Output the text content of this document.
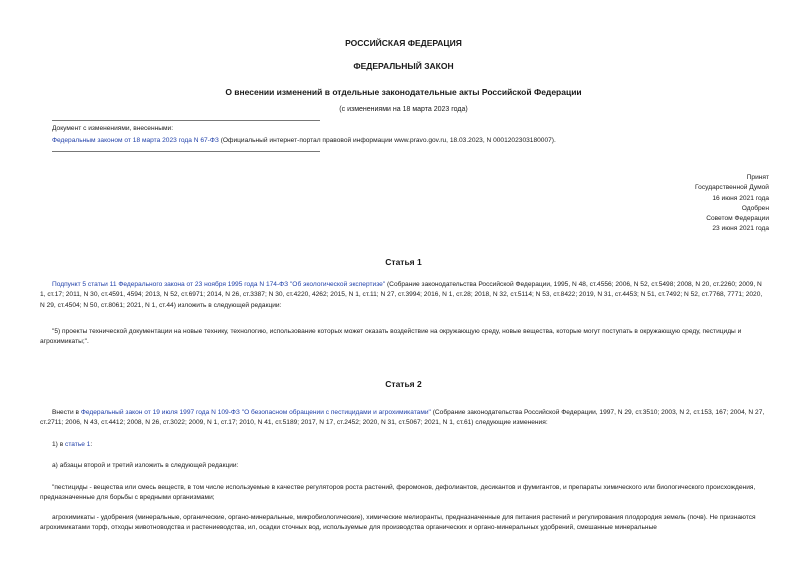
РОССИЙСКАЯ ФЕДЕРАЦИЯ
ФЕДЕРАЛЬНЫЙ ЗАКОН
О внесении изменений в отдельные законодательные акты Российской Федерации
(с изменениями на 18 марта 2023 года)
Документ с изменениями, внесенными:
Федеральным законом от 18 марта 2023 года N 67-ФЗ (Официальный интернет-портал правовой информации www.pravo.gov.ru, 18.03.2023, N 0001202303180007).
Принят
Государственной Думой
16 июня 2021 года
Одобрен
Советом Федерации
23 июня 2021 года
Статья 1
Подпункт 5 статьи 11 Федерального закона от 23 ноября 1995 года N 174-ФЗ "Об экологической экспертизе" (Собрание законодательства Российской Федерации, 1995, N 48, ст.4556; 2006, N 52, ст.5498; 2008, N 20, ст.2260; 2009, N 1, ст.17; 2011, N 30, ст.4591, 4594; 2013, N 52, ст.6971; 2014, N 26, ст.3387; N 30, ст.4220, 4262; 2015, N 1, ст.11; N 27, ст.3994; 2016, N 1, ст.28; 2018, N 32, ст.5114; N 53, ст.8422; 2019, N 31, ст.4453; N 51, ст.7492; N 52, ст.7768, 7771; 2020, N 29, ст.4504; N 50, ст.8061; 2021, N 1, ст.44) изложить в следующей редакции:
"5) проекты технической документации на новые технику, технологию, использование которых может оказать воздействие на окружающую среду, новые вещества, которые могут поступать в окружающую среду, пестициды и агрохимикаты;".
Статья 2
Внести в Федеральный закон от 19 июля 1997 года N 109-ФЗ "О безопасном обращении с пестицидами и агрохимикатами" (Собрание законодательства Российской Федерации, 1997, N 29, ст.3510; 2003, N 2, ст.153, 167; 2004, N 27, ст.2711; 2006, N 43, ст.4412; 2008, N 26, ст.3022; 2009, N 1, ст.17; 2010, N 41, ст.5189; 2017, N 17, ст.2452; 2020, N 31, ст.5067; 2021, N 1, ст.61) следующие изменения:
1) в статье 1:
а) абзацы второй и третий изложить в следующей редакции:
"пестициды - вещества или смесь веществ, в том числе используемые в качестве регуляторов роста растений, феромонов, дефолиантов, десикантов и фумигантов, и препараты химического или биологического происхождения, предназначенные для борьбы с вредными организмами;
агрохимикаты - удобрения (минеральные, органические, органо-минеральные, микробиологические), химические мелиоранты, предназначенные для питания растений и регулирования плодородия земель (почв). Не признаются агрохимикатами торф, отходы животноводства и растениеводства, ил, осадки сточных вод, используемые для производства органических и органо-минеральных удобрений, смешанные минеральные
